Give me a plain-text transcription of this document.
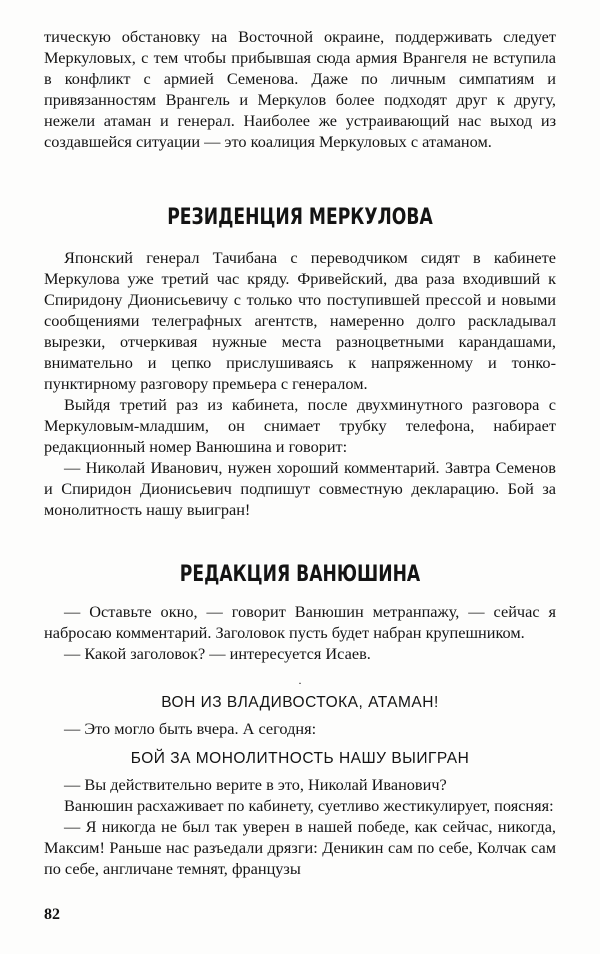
тическую обстановку на Восточной окраине, поддерживать следует Меркуловых, с тем чтобы прибывшая сюда армия Врангеля не вступила в конфликт с армией Семенова. Даже по личным симпатиям и привязанностям Врангель и Меркулов более подходят друг к другу, нежели атаман и генерал. Наиболее же устраивающий нас выход из создавшейся ситуации — это коалиция Меркуловых с атаманом.

РЕЗИДЕНЦИЯ МЕРКУЛОВА

Японский генерал Тачибана с переводчиком сидят в кабинете Меркулова уже третий час кряду. Фривейский, два раза входивший к Спиридону Дионисьевичу с только что поступившей прессой и новыми сообщениями телеграфных агентств, намеренно долго раскладывал вырезки, отчеркивая нужные места разноцветными карандашами, внимательно и цепко прислушиваясь к напряженному и тонко-пунктирному разговору премьера с генералом.

Выйдя третий раз из кабинета, после двухминутного разговора с Меркуловым-младшим, он снимает трубку телефона, набирает редакционный номер Ванюшина и говорит:

— Николай Иванович, нужен хороший комментарий. Завтра Семенов и Спиридон Дионисьевич подпишут совместную декларацию. Бой за монолитность нашу выигран!

РЕДАКЦИЯ ВАНЮШИНА

— Оставьте окно, — говорит Ванюшин метранпажу, — сейчас я набросаю комментарий. Заголовок пусть будет набран крупешником.

— Какой заголовок? — интересуется Исаев.

·
ВОН ИЗ ВЛАДИВОСТОКА, АТАМАН!

— Это могло быть вчера. А сегодня:

БОЙ ЗА МОНОЛИТНОСТЬ НАШУ ВЫИГРАН

— Вы действительно верите в это, Николай Иванович?

Ванюшин расхаживает по кабинету, суетливо жестикулирует, поясняя:

— Я никогда не был так уверен в нашей победе, как сейчас, никогда, Максим! Раньше нас разъедали дрязги: Деникин сам по себе, Колчак сам по себе, англичане темнят, французы

82
